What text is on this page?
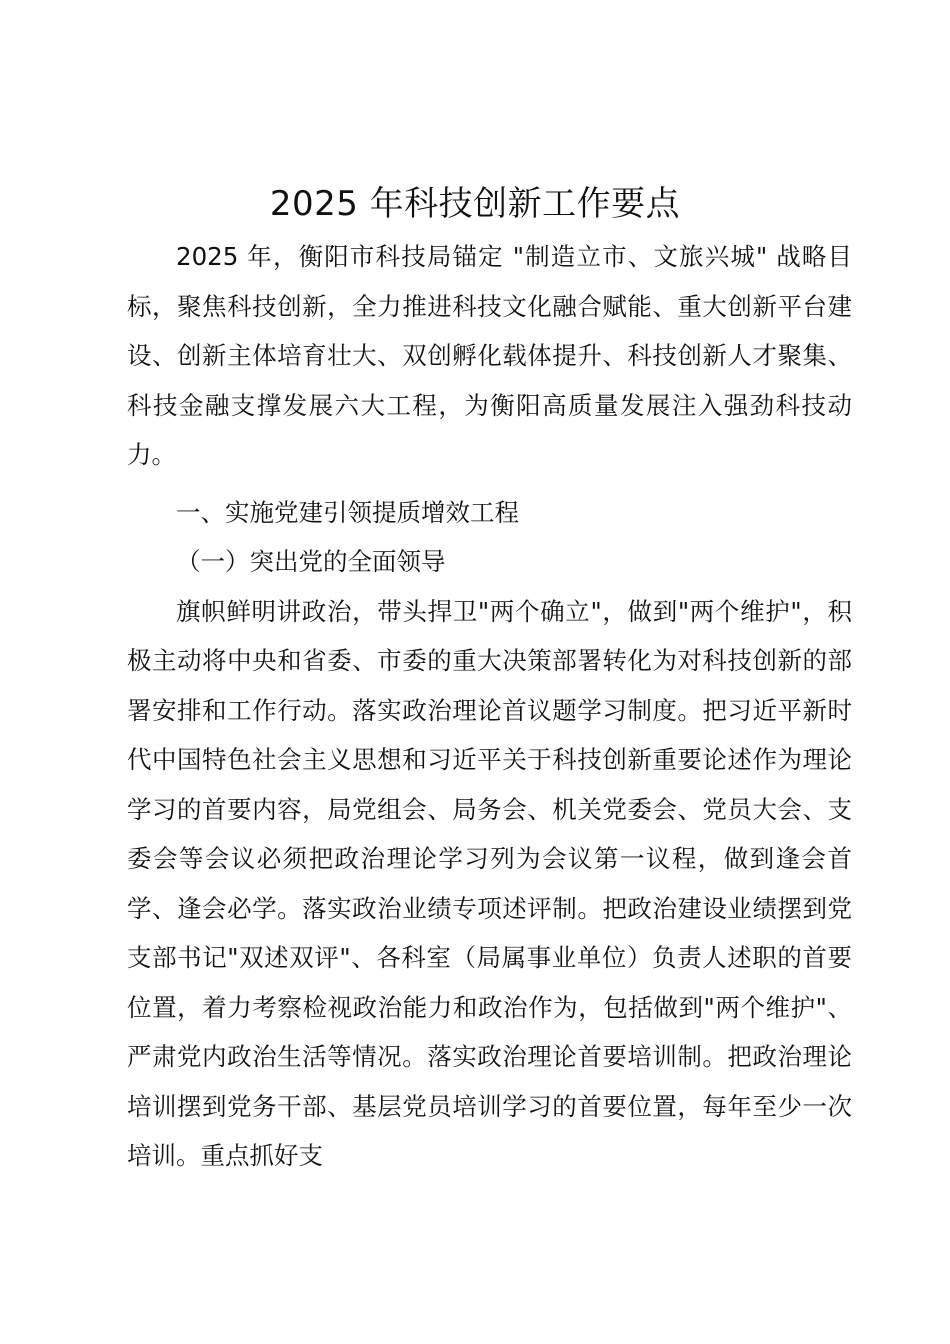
2025 年科技创新工作要点

2025 年，衡阳市科技局锚定 "制造立市、文旅兴城" 战略目标，聚焦科技创新，全力推进科技文化融合赋能、重大创新平台建设、创新主体培育壮大、双创孵化载体提升、科技创新人才聚集、科技金融支撑发展六大工程，为衡阳高质量发展注入强劲科技动力。

一、实施党建引领提质增效工程

（一）突出党的全面领导

旗帜鲜明讲政治，带头捍卫"两个确立"，做到"两个维护"，积极主动将中央和省委、市委的重大决策部署转化为对科技创新的部署安排和工作行动。落实政治理论首议题学习制度。把习近平新时代中国特色社会主义思想和习近平关于科技创新重要论述作为理论学习的首要内容，局党组会、局务会、机关党委会、党员大会、支委会等会议必须把政治理论学习列为会议第一议程，做到逢会首学、逢会必学。落实政治业绩专项述评制。把政治建设业绩摆到党支部书记"双述双评"、各科室（局属事业单位）负责人述职的首要位置，着力考察检视政治能力和政治作为，包括做到"两个维护"、严肃党内政治生活等情况。落实政治理论首要培训制。把政治理论培训摆到党务干部、基层党员培训学习的首要位置，每年至少一次培训。重点抓好支
